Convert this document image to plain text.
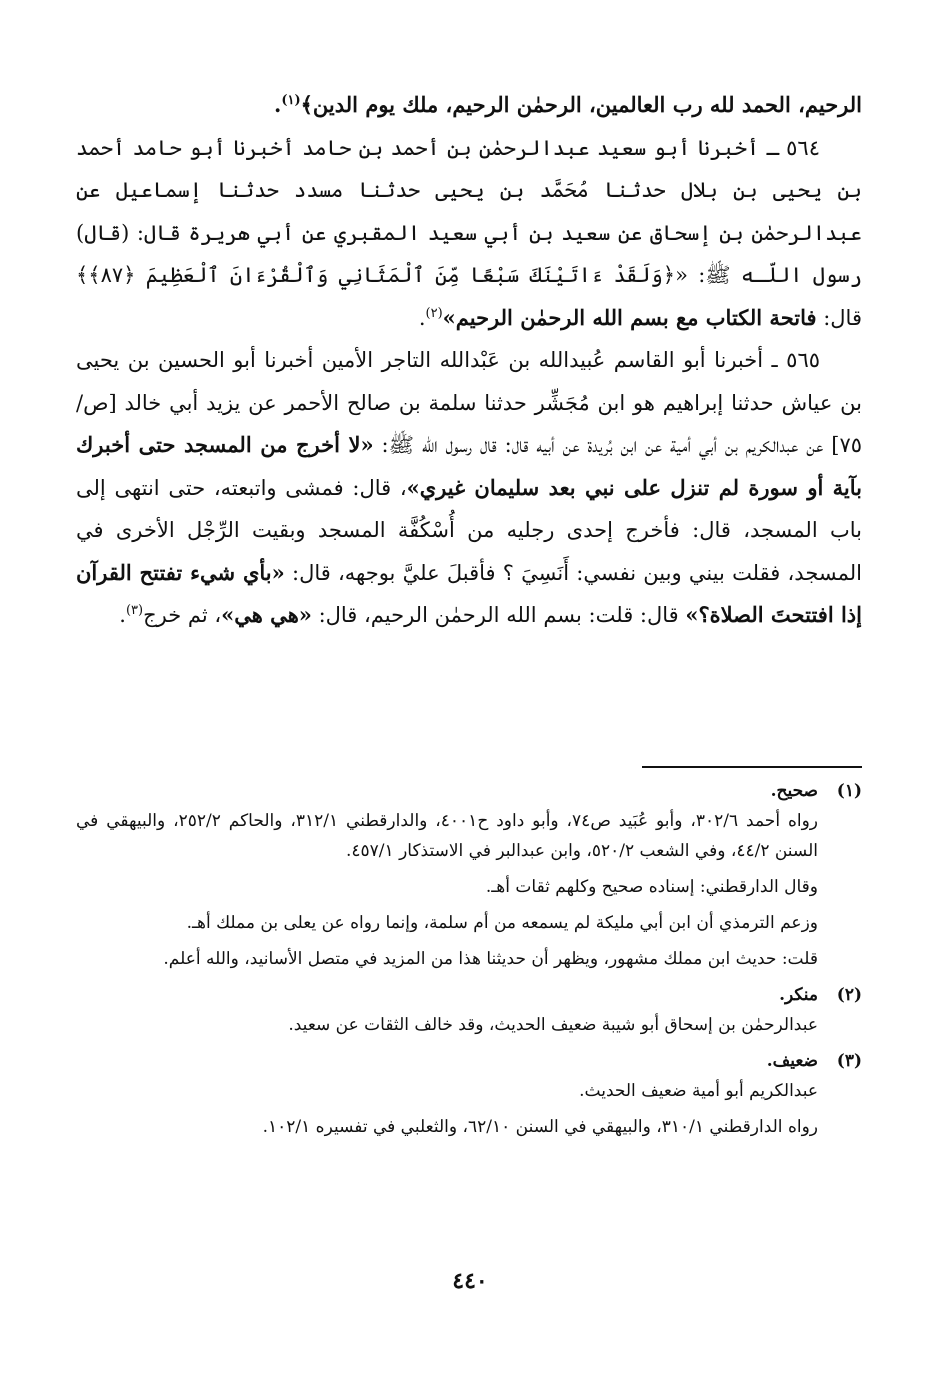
الرحيم، الحمد لله رب العالمين، الرحمٰن الرحيم، ملك يوم الدين﴾$^{(١)}$.

٥٦٤ ـ أخبرنا أبو سعيد عبدالرحمٰن بن أحمد بن حامد أخبرنا أبو حامد أحمد بن يحيى بن بلال حدثنا مُحَمَّد بن يحيى حدثنا مسدد حدثنا إسماعيل عن عبدالرحمٰن بن إسحاق عن سعيد بن أبي سعيد المقبري عن أبي هريرة قال: (قال) رسول اللّـه ﷺ: «﴿وَلَقَدْ ءَاتَيْنَكَ سَبْعًا مِّنَ ٱلْمَثَانِي وَٱلْقُرْءَانَ ٱلْعَظِيمَ ﴿٨٧﴾﴾ قال: فاتحة الكتاب مع بسم الله الرحمٰن الرحيم»$^{(٢)}$.

٥٦٥ ـ أخبرنا أبو القاسم عُبيدالله بن عَبْدالله التاجر الأمين أخبرنا أبو الحسين بن يحيى بن عياش حدثنا إبراهيم هو ابن مُجَشِّر حدثنا سلمة بن صالح الأحمر عن يزيد أبي خالد [ص/٧٥] عن عبدالكريم بن أبي أمية عن ابن بُريدة عن أبيه قال: قال رسول اللّه ﷺ: «لا أخرج من المسجد حتى أخبرك بآية أو سورة لم تنزل على نبي بعد سليمان غيري»، قال: فمشى واتبعته، حتى انتهى إلى باب المسجد، قال: فأخرج إحدى رجليه من أُسْكُفَّة المسجد وبقيت الرِّجْل الأخرى في المسجد، فقلت بيني وبين نفسي: أَنَسِيَ ؟ فأقبلَ عليَّ بوجهه، قال: «بأي شيء تفتتح القرآن إذا افتتحتَ الصلاة؟» قال: قلت: بسم الله الرحمٰن الرحيم، قال: «هي هي»، ثم خرج$^{(٣)}$.

(١)
صحيح.

رواه أحمد ٣٠٢/٦، وأبو عُبَيد ص٧٤، وأبو داود ح٤٠٠١، والدارقطني ٣١٢/١، والحاكم ٢٥٢/٢، والبيهقي في السنن ٤٤/٢، وفي الشعب ٥٢٠/٢، وابن عبدالبر في الاستذكار ٤٥٧/١.

وقال الدارقطني: إسناده صحيح وكلهم ثقات أهـ.

وزعم الترمذي أن ابن أبي مليكة لم يسمعه من أم سلمة، وإنما رواه عن يعلى بن مملك أهـ.

قلت: حديث ابن مملك مشهور، ويظهر أن حديثنا هذا من المزيد في متصل الأسانيد، والله أعلم.

(٢)
منكر.

عبدالرحمٰن بن إسحاق أبو شيبة ضعيف الحديث، وقد خالف الثقات عن سعيد.

(٣)
ضعيف.

عبدالكريم أبو أمية ضعيف الحديث.

رواه الدارقطني ٣١٠/١، والبيهقي في السنن ٦٢/١٠، والثعلبي في تفسيره ١٠٢/١.

٤٤٠
